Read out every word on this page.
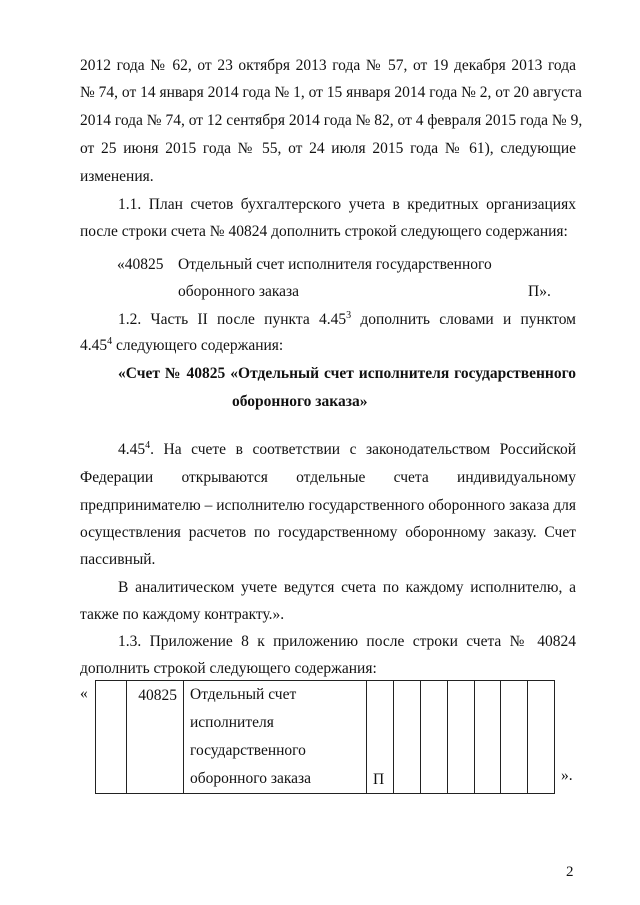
2012 года № 62, от 23 октября 2013 года № 57, от 19 декабря 2013 года
№ 74, от 14 января 2014 года № 1, от 15 января 2014 года № 2, от 20 августа
2014 года № 74, от 12 сентября 2014 года № 82, от 4 февраля 2015 года № 9,
от 25 июня 2015 года № 55, от 24 июля 2015 года № 61), следующие
изменения.
1.1. План счетов бухгалтерского учета в кредитных организациях
после строки счета № 40824 дополнить строкой следующего содержания:
«40825 Отдельный счет исполнителя государственного
оборонного заказа	П».
1.2. Часть II после пункта 4.45$^3$ дополнить словами и пунктом
4.45$^4$ следующего содержания:
«Счет № 40825 «Отдельный счет исполнителя государственного
оборонного заказа»
4.45$^4$. На счете в соответствии с законодательством Российской
Федерации открываются отдельные счета индивидуальному
предпринимателю – исполнителю государственного оборонного заказа для
осуществления расчетов по государственному оборонному заказу. Счет
пассивный.
В аналитическом учете ведутся счета по каждому исполнителю, а
также по каждому контракту.».
1.3. Приложение 8 к приложению после строки счета № 40824
дополнить строкой следующего содержания:
«
		40825	Отдельный счет
исполнителя
государственного
оборонного заказа	П							».
2
